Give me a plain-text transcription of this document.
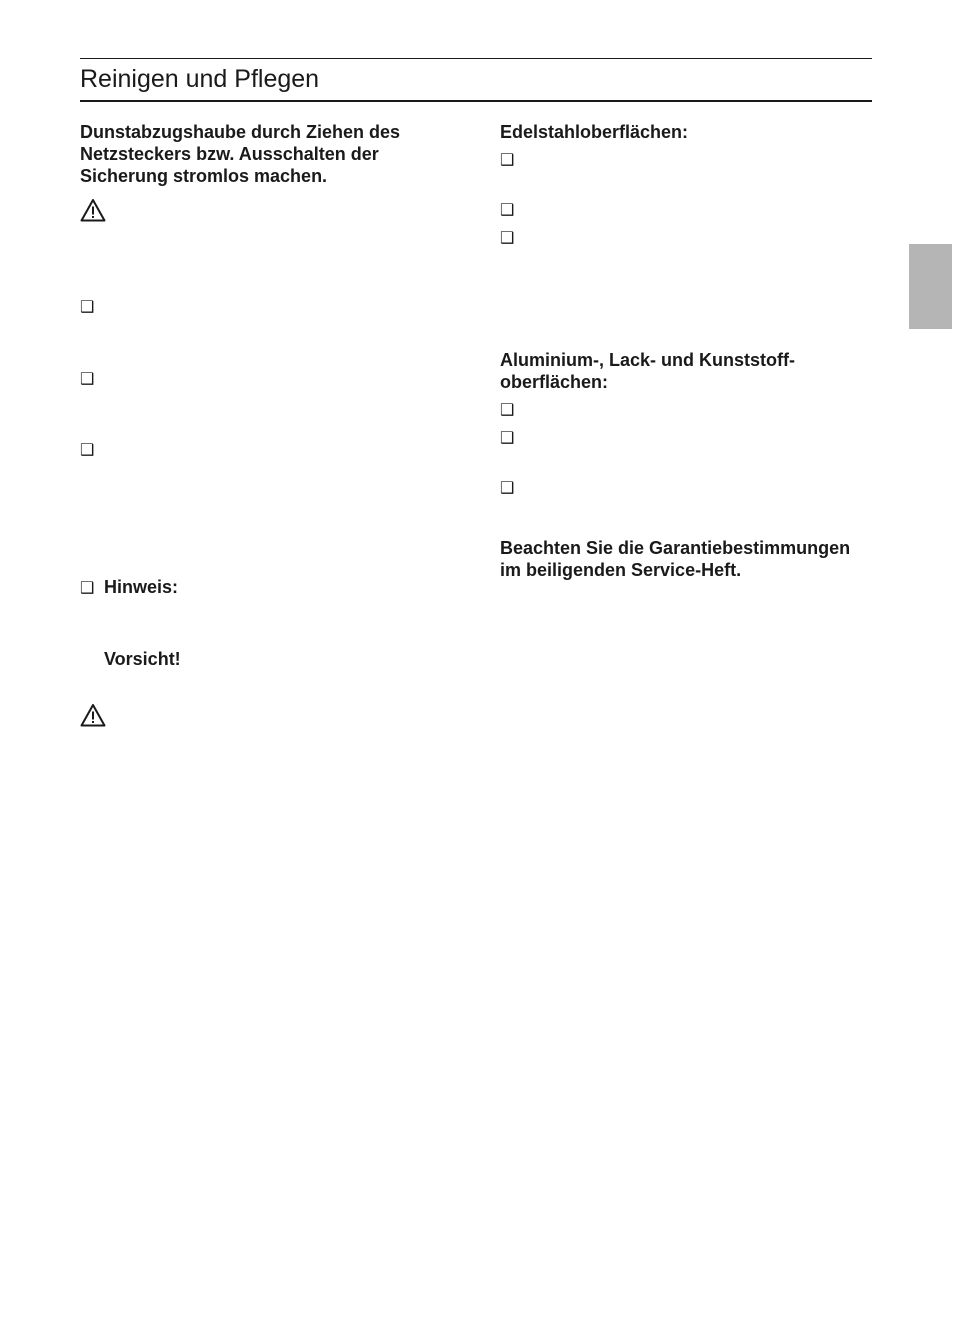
Reinigen und Pflegen
Dunstabzugshaube durch Ziehen des
Netzsteckers bzw. Ausschalten der
Sicherung stromlos machen.
❑
❑
❑
❑ Hinweis:
Vorsicht!
Edelstahloberflächen:
❑
❑
❑
Aluminium-, Lack- und Kunststoff-
oberflächen:
❑
❑
❑
Beachten Sie die Garantiebestimmungen
im beiligenden Service-Heft.
